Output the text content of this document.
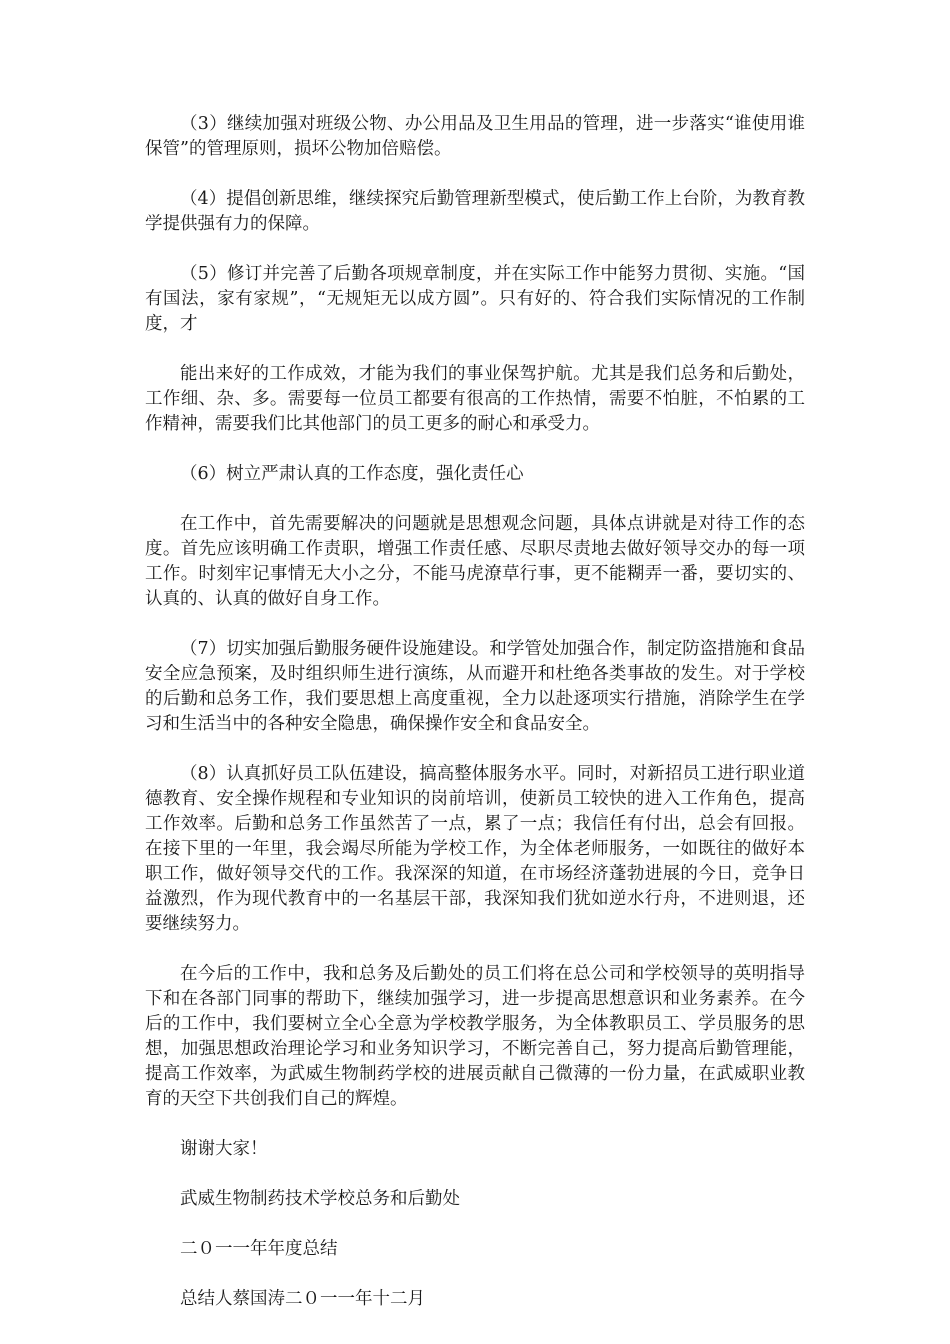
（3）继续加强对班级公物、办公用品及卫生用品的管理，进一步落实“谁使用谁保管”的管理原则，损坏公物加倍赔偿。

（4）提倡创新思维，继续探究后勤管理新型模式，使后勤工作上台阶，为教育教学提供强有力的保障。

（5）修订并完善了后勤各项规章制度，并在实际工作中能努力贯彻、实施。“国有国法，家有家规”，“无规矩无以成方圆”。只有好的、符合我们实际情况的工作制度，才

能出来好的工作成效，才能为我们的事业保驾护航。尤其是我们总务和后勤处，工作细、杂、多。需要每一位员工都要有很高的工作热情，需要不怕脏，不怕累的工作精神，需要我们比其他部门的员工更多的耐心和承受力。

（6）树立严肃认真的工作态度，强化责任心

在工作中，首先需要解决的问题就是思想观念问题，具体点讲就是对待工作的态度。首先应该明确工作责职，增强工作责任感、尽职尽责地去做好领导交办的每一项工作。时刻牢记事情无大小之分，不能马虎潦草行事，更不能糊弄一番，要切实的、认真的、认真的做好自身工作。

（7）切实加强后勤服务硬件设施建设。和学管处加强合作，制定防盗措施和食品安全应急预案，及时组织师生进行演练，从而避开和杜绝各类事故的发生。对于学校的后勤和总务工作，我们要思想上高度重视，全力以赴逐项实行措施，消除学生在学习和生活当中的各种安全隐患，确保操作安全和食品安全。

（8）认真抓好员工队伍建设，搞高整体服务水平。同时，对新招员工进行职业道德教育、安全操作规程和专业知识的岗前培训，使新员工较快的进入工作角色，提高工作效率。后勤和总务工作虽然苦了一点，累了一点；我信任有付出，总会有回报。在接下里的一年里，我会竭尽所能为学校工作，为全体老师服务，一如既往的做好本职工作，做好领导交代的工作。我深深的知道，在市场经济蓬勃进展的今日，竞争日益激烈，作为现代教育中的一名基层干部，我深知我们犹如逆水行舟，不进则退，还要继续努力。

在今后的工作中，我和总务及后勤处的员工们将在总公司和学校领导的英明指导下和在各部门同事的帮助下，继续加强学习，进一步提高思想意识和业务素养。在今后的工作中，我们要树立全心全意为学校教学服务，为全体教职员工、学员服务的思想，加强思想政治理论学习和业务知识学习，不断完善自己，努力提高后勤管理能，提高工作效率，为武威生物制药学校的进展贡献自己微薄的一份力量，在武威职业教育的天空下共创我们自己的辉煌。

谢谢大家！

武威生物制药技术学校总务和后勤处

二０一一年年度总结

总结人蔡国涛二０一一年十二月
